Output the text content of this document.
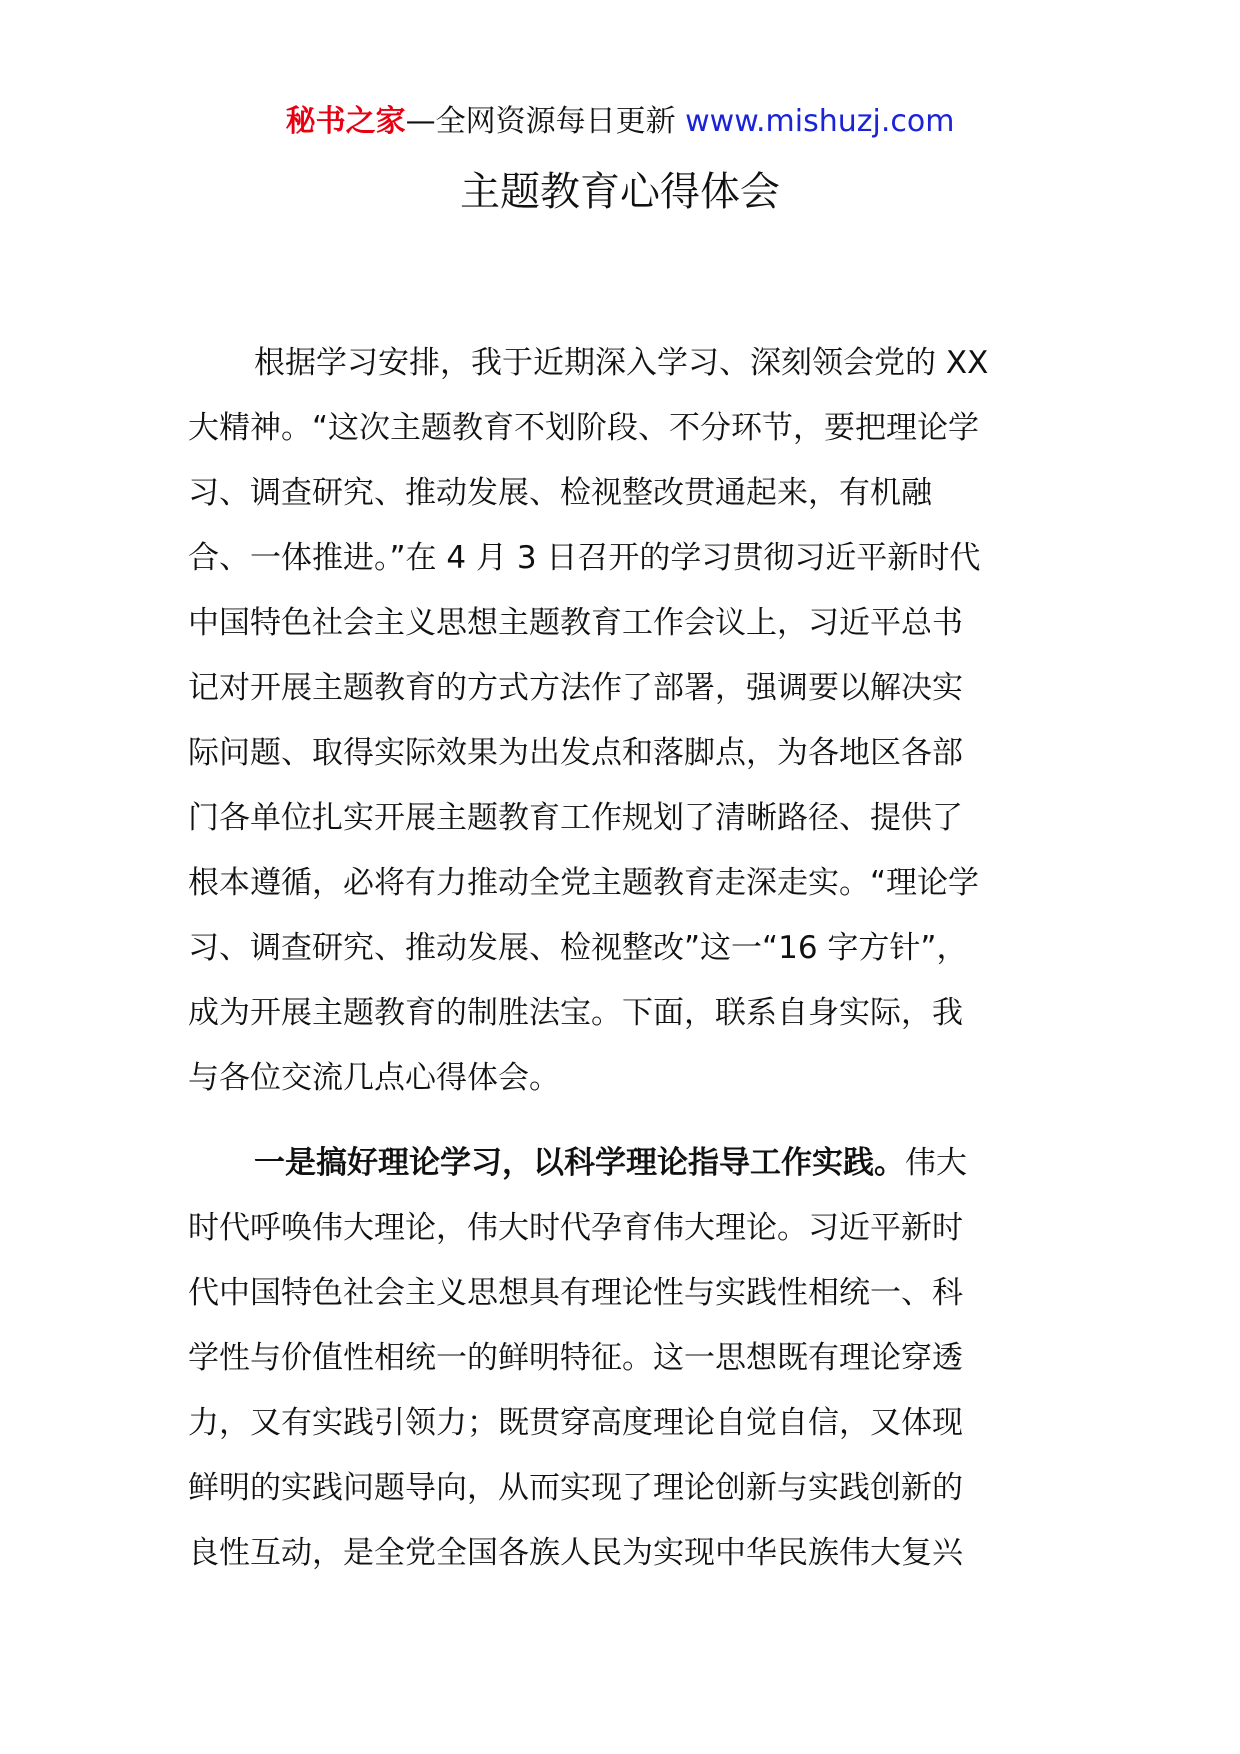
秘书之家—全网资源每日更新 www.mishuzj.com
主题教育心得体会
根据学习安排，我于近期深入学习、深刻领会党的 XX
大精神。“这次主题教育不划阶段、不分环节，要把理论学
习、调查研究、推动发展、检视整改贯通起来，有机融
合、一体推进。”在 4 月 3 日召开的学习贯彻习近平新时代
中国特色社会主义思想主题教育工作会议上，习近平总书
记对开展主题教育的方式方法作了部署，强调要以解决实
际问题、取得实际效果为出发点和落脚点，为各地区各部
门各单位扎实开展主题教育工作规划了清晰路径、提供了
根本遵循，必将有力推动全党主题教育走深走实。“理论学
习、调查研究、推动发展、检视整改”这一“16 字方针”，
成为开展主题教育的制胜法宝。下面，联系自身实际，我
与各位交流几点心得体会。
一是搞好理论学习，以科学理论指导工作实践。伟大
时代呼唤伟大理论，伟大时代孕育伟大理论。习近平新时
代中国特色社会主义思想具有理论性与实践性相统一、科
学性与价值性相统一的鲜明特征。这一思想既有理论穿透
力，又有实践引领力；既贯穿高度理论自觉自信，又体现
鲜明的实践问题导向，从而实现了理论创新与实践创新的
良性互动，是全党全国各族人民为实现中华民族伟大复兴
